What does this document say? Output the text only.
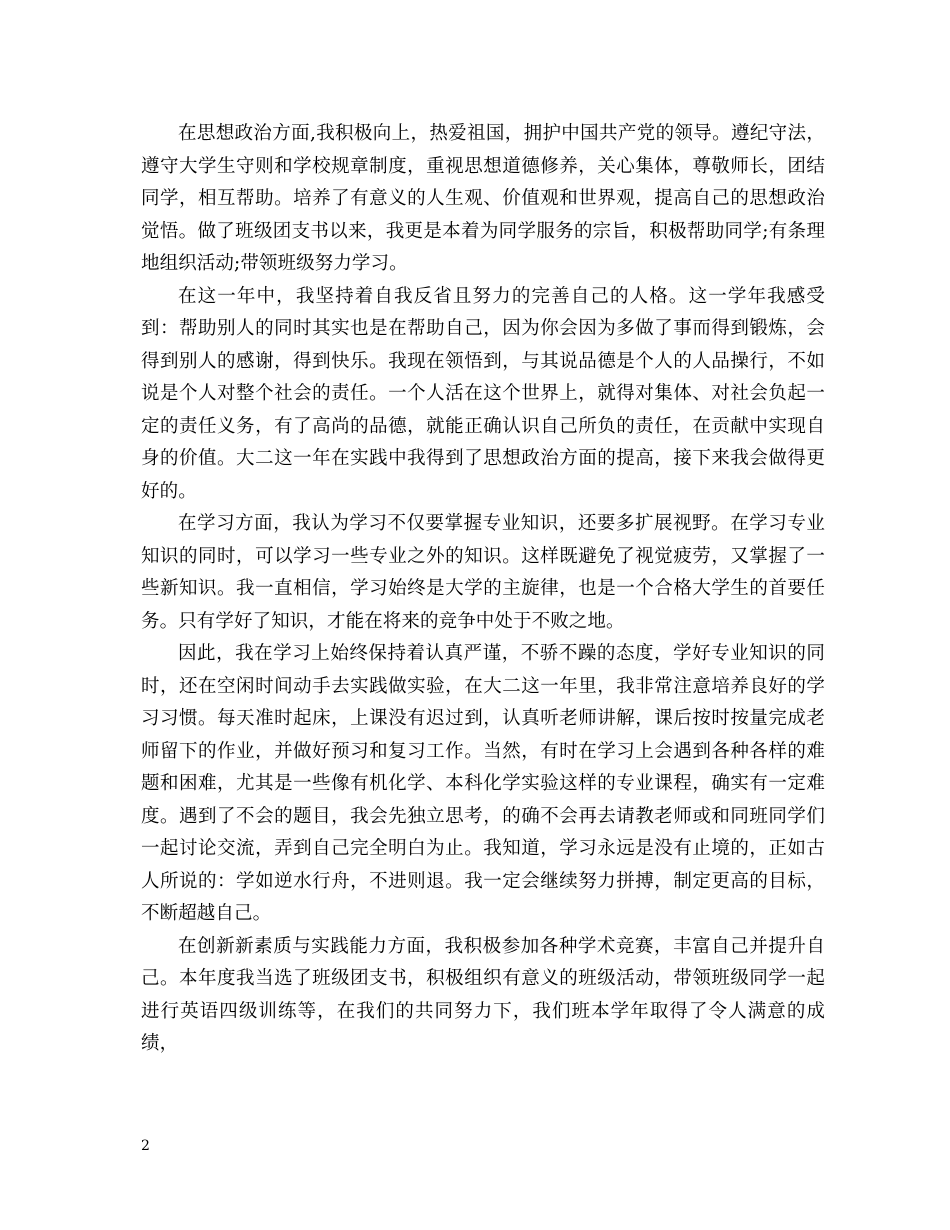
在思想政治方面,我积极向上，热爱祖国，拥护中国共产党的领导。遵纪守法，遵守大学生守则和学校规章制度，重视思想道德修养，关心集体，尊敬师长，团结同学，相互帮助。培养了有意义的人生观、价值观和世界观，提高自己的思想政治觉悟。做了班级团支书以来，我更是本着为同学服务的宗旨，积极帮助同学;有条理地组织活动;带领班级努力学习。

在这一年中，我坚持着自我反省且努力的完善自己的人格。这一学年我感受到：帮助别人的同时其实也是在帮助自己，因为你会因为多做了事而得到锻炼，会得到别人的感谢，得到快乐。我现在领悟到，与其说品德是个人的人品操行，不如说是个人对整个社会的责任。一个人活在这个世界上，就得对集体、对社会负起一定的责任义务，有了高尚的品德，就能正确认识自己所负的责任，在贡献中实现自身的价值。大二这一年在实践中我得到了思想政治方面的提高，接下来我会做得更好的。

在学习方面，我认为学习不仅要掌握专业知识，还要多扩展视野。在学习专业知识的同时，可以学习一些专业之外的知识。这样既避免了视觉疲劳，又掌握了一些新知识。我一直相信，学习始终是大学的主旋律，也是一个合格大学生的首要任务。只有学好了知识，才能在将来的竞争中处于不败之地。

因此，我在学习上始终保持着认真严谨，不骄不躁的态度，学好专业知识的同时，还在空闲时间动手去实践做实验，在大二这一年里，我非常注意培养良好的学习习惯。每天准时起床，上课没有迟过到，认真听老师讲解，课后按时按量完成老师留下的作业，并做好预习和复习工作。当然，有时在学习上会遇到各种各样的难题和困难，尤其是一些像有机化学、本科化学实验这样的专业课程，确实有一定难度。遇到了不会的题目，我会先独立思考，的确不会再去请教老师或和同班同学们一起讨论交流，弄到自己完全明白为止。我知道，学习永远是没有止境的，正如古人所说的：学如逆水行舟，不进则退。我一定会继续努力拼搏，制定更高的目标，不断超越自己。

在创新新素质与实践能力方面，我积极参加各种学术竞赛，丰富自己并提升自己。本年度我当选了班级团支书，积极组织有意义的班级活动，带领班级同学一起进行英语四级训练等，在我们的共同努力下，我们班本学年取得了令人满意的成绩，

2
